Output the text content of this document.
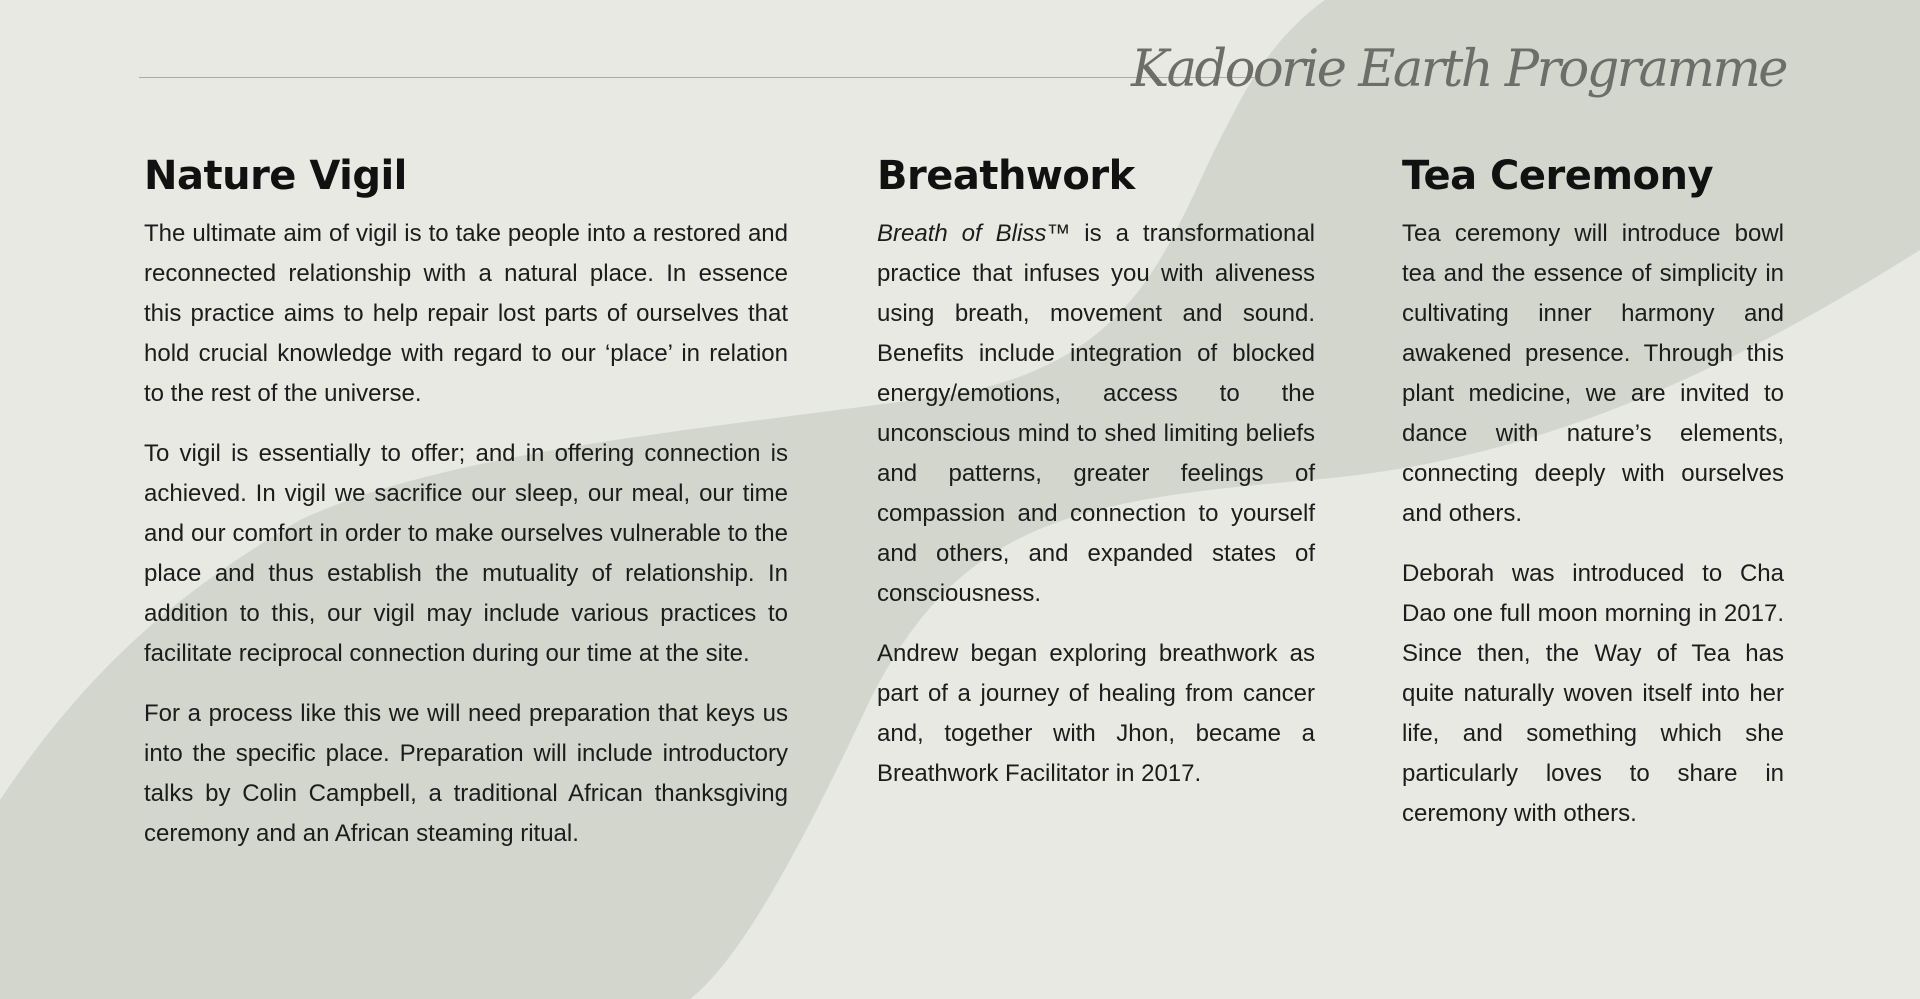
Kadoorie Earth Programme
Nature Vigil

The ultimate aim of vigil is to take people into a restored and reconnected relationship with a natural place. In essence this practice aims to help repair lost parts of ourselves that hold crucial knowledge with regard to our ‘place’ in relation to the rest of the universe.

To vigil is essentially to offer; and in offering connection is achieved. In vigil we sacrifice our sleep, our meal, our time and our comfort in order to make ourselves vulnerable to the place and thus establish the mutuality of relationship. In addition to this, our vigil may include various practices to facilitate reciprocal connection during our time at the site.

For a process like this we will need preparation that keys us into the specific place. Preparation will include introductory talks by Colin Campbell, a traditional African thanksgiving ceremony and an African steaming ritual.

Breathwork

Breath of Bliss™ is a transformational practice that infuses you with aliveness using breath, movement and sound. Benefits include integration of blocked energy/emotions, access to the unconscious mind to shed limiting beliefs and patterns, greater feelings of compassion and connection to yourself and others, and expanded states of consciousness.

Andrew began exploring breathwork as part of a journey of healing from cancer and, together with Jhon, became a Breathwork Facilitator in 2017.

Tea Ceremony

Tea ceremony will introduce bowl tea and the essence of simplicity in cultivating inner harmony and awakened presence. Through this plant medicine, we are invited to dance with nature’s elements, connecting deeply with ourselves and others.

Deborah was introduced to Cha Dao one full moon morning in 2017. Since then, the Way of Tea has quite naturally woven itself into her life, and something which she particularly loves to share in ceremony with others.
